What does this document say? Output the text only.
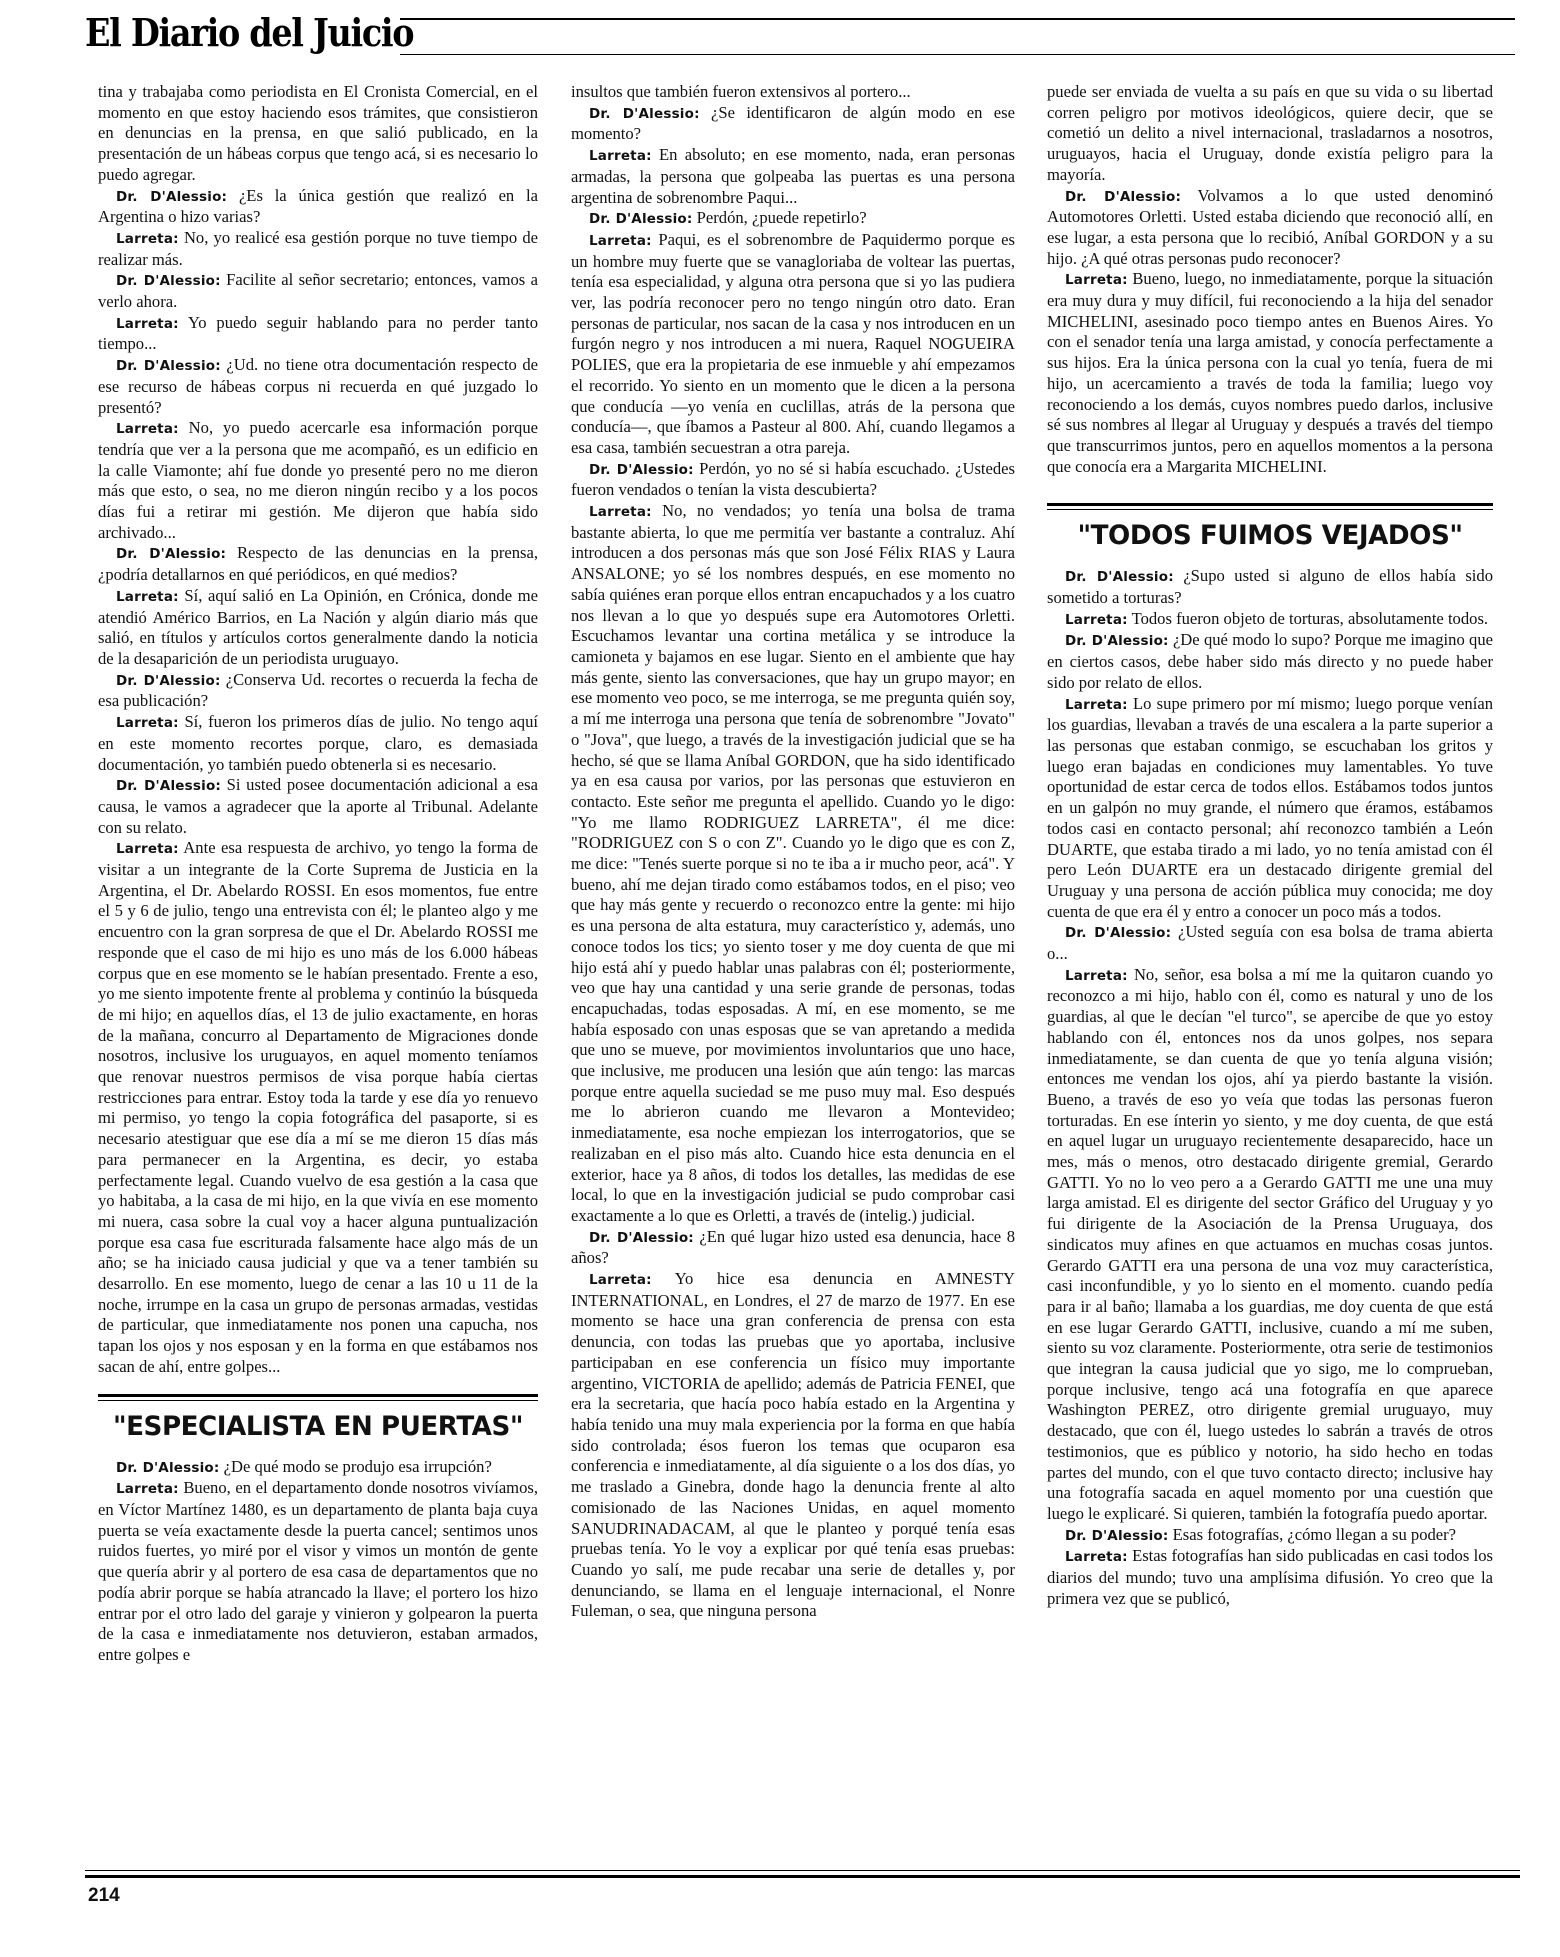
El Diario del Juicio

tina y trabajaba como periodista en El Cronista Comercial, en el momento en que estoy haciendo esos trámites, que consistieron en denuncias en la prensa, en que salió publicado, en la presentación de un hábeas corpus que tengo acá, si es necesario lo puedo agregar.

Dr. D'Alessio: ¿Es la única gestión que realizó en la Argentina o hizo varias?

Larreta: No, yo realicé esa gestión porque no tuve tiempo de realizar más.

Dr. D'Alessio: Facilite al señor secretario; entonces, vamos a verlo ahora.

Larreta: Yo puedo seguir hablando para no perder tanto tiempo...

Dr. D'Alessio: ¿Ud. no tiene otra documentación respecto de ese recurso de hábeas corpus ni recuerda en qué juzgado lo presentó?

Larreta: No, yo puedo acercarle esa información porque tendría que ver a la persona que me acompañó, es un edificio en la calle Viamonte; ahí fue donde yo presenté pero no me dieron más que esto, o sea, no me dieron ningún recibo y a los pocos días fui a retirar mi gestión. Me dijeron que había sido archivado...

Dr. D'Alessio: Respecto de las denuncias en la prensa, ¿podría detallarnos en qué periódicos, en qué medios?

Larreta: Sí, aquí salió en La Opinión, en Crónica, donde me atendió Américo Barrios, en La Nación y algún diario más que salió, en títulos y artículos cortos generalmente dando la noticia de la desaparición de un periodista uruguayo.

Dr. D'Alessio: ¿Conserva Ud. recortes o recuerda la fecha de esa publicación?

Larreta: Sí, fueron los primeros días de julio. No tengo aquí en este momento recortes porque, claro, es demasiada documentación, yo también puedo obtenerla si es necesario.

Dr. D'Alessio: Si usted posee documentación adicional a esa causa, le vamos a agradecer que la aporte al Tribunal. Adelante con su relato.

Larreta: Ante esa respuesta de archivo, yo tengo la forma de visitar a un integrante de la Corte Suprema de Justicia en la Argentina, el Dr. Abelardo ROSSI. En esos momentos, fue entre el 5 y 6 de julio, tengo una entrevista con él; le planteo algo y me encuentro con la gran sorpresa de que el Dr. Abelardo ROSSI me responde que el caso de mi hijo es uno más de los 6.000 hábeas corpus que en ese momento se le habían presentado. Frente a eso, yo me siento impotente frente al problema y continúo la búsqueda de mi hijo; en aquellos días, el 13 de julio exactamente, en horas de la mañana, concurro al Departamento de Migraciones donde nosotros, inclusive los uruguayos, en aquel momento teníamos que renovar nuestros permisos de visa porque había ciertas restricciones para entrar. Estoy toda la tarde y ese día yo renuevo mi permiso, yo tengo la copia fotográfica del pasaporte, si es necesario atestiguar que ese día a mí se me dieron 15 días más para permanecer en la Argentina, es decir, yo estaba perfectamente legal. Cuando vuelvo de esa gestión a la casa que yo habitaba, a la casa de mi hijo, en la que vivía en ese momento mi nuera, casa sobre la cual voy a hacer alguna puntualización porque esa casa fue escriturada falsamente hace algo más de un año; se ha iniciado causa judicial y que va a tener también su desarrollo. En ese momento, luego de cenar a las 10 u 11 de la noche, irrumpe en la casa un grupo de personas armadas, vestidas de particular, que inmediatamente nos ponen una capucha, nos tapan los ojos y nos esposan y en la forma en que estábamos nos sacan de ahí, entre golpes...

"ESPECIALISTA EN PUERTAS"

Dr. D'Alessio: ¿De qué modo se produjo esa irrupción?

Larreta: Bueno, en el departamento donde nosotros vivíamos, en Víctor Martínez 1480, es un departamento de planta baja cuya puerta se veía exactamente desde la puerta cancel; sentimos unos ruidos fuertes, yo miré por el visor y vimos un montón de gente que quería abrir y al portero de esa casa de departamentos que no podía abrir porque se había atrancado la llave; el portero los hizo entrar por el otro lado del garaje y vinieron y golpearon la puerta de la casa e inmediatamente nos detuvieron, estaban armados, entre golpes e

insultos que también fueron extensivos al portero...

Dr. D'Alessio: ¿Se identificaron de algún modo en ese momento?

Larreta: En absoluto; en ese momento, nada, eran personas armadas, la persona que golpeaba las puertas es una persona argentina de sobrenombre Paqui...

Dr. D'Alessio: Perdón, ¿puede repetirlo?

Larreta: Paqui, es el sobrenombre de Paquidermo porque es un hombre muy fuerte que se vanagloriaba de voltear las puertas, tenía esa especialidad, y alguna otra persona que si yo las pudiera ver, las podría reconocer pero no tengo ningún otro dato. Eran personas de particular, nos sacan de la casa y nos introducen en un furgón negro y nos introducen a mi nuera, Raquel NOGUEIRA POLIES, que era la propietaria de ese inmueble y ahí empezamos el recorrido. Yo siento en un momento que le dicen a la persona que conducía —yo venía en cuclillas, atrás de la persona que conducía—, que íbamos a Pasteur al 800. Ahí, cuando llegamos a esa casa, también secuestran a otra pareja.

Dr. D'Alessio: Perdón, yo no sé si había escuchado. ¿Ustedes fueron vendados o tenían la vista descubierta?

Larreta: No, no vendados; yo tenía una bolsa de trama bastante abierta, lo que me permitía ver bastante a contraluz. Ahí introducen a dos personas más que son José Félix RIAS y Laura ANSALONE; yo sé los nombres después, en ese momento no sabía quiénes eran porque ellos entran encapuchados y a los cuatro nos llevan a lo que yo después supe era Automotores Orletti. Escuchamos levantar una cortina metálica y se introduce la camioneta y bajamos en ese lugar. Siento en el ambiente que hay más gente, siento las conversaciones, que hay un grupo mayor; en ese momento veo poco, se me interroga, se me pregunta quién soy, a mí me interroga una persona que tenía de sobrenombre "Jovato" o "Jova", que luego, a través de la investigación judicial que se ha hecho, sé que se llama Aníbal GORDON, que ha sido identificado ya en esa causa por varios, por las personas que estuvieron en contacto. Este señor me pregunta el apellido. Cuando yo le digo: "Yo me llamo RODRIGUEZ LARRETA", él me dice: "RODRIGUEZ con S o con Z". Cuando yo le digo que es con Z, me dice: "Tenés suerte porque si no te iba a ir mucho peor, acá". Y bueno, ahí me dejan tirado como estábamos todos, en el piso; veo que hay más gente y recuerdo o reconozco entre la gente: mi hijo es una persona de alta estatura, muy característico y, además, uno conoce todos los tics; yo siento toser y me doy cuenta de que mi hijo está ahí y puedo hablar unas palabras con él; posteriormente, veo que hay una cantidad y una serie grande de personas, todas encapuchadas, todas esposadas. A mí, en ese momento, se me había esposado con unas esposas que se van apretando a medida que uno se mueve, por movimientos involuntarios que uno hace, que inclusive, me producen una lesión que aún tengo: las marcas porque entre aquella suciedad se me puso muy mal. Eso después me lo abrieron cuando me llevaron a Montevideo; inmediatamente, esa noche empiezan los interrogatorios, que se realizaban en el piso más alto. Cuando hice esta denuncia en el exterior, hace ya 8 años, di todos los detalles, las medidas de ese local, lo que en la investigación judicial se pudo comprobar casi exactamente a lo que es Orletti, a través de (intelig.) judicial.

Dr. D'Alessio: ¿En qué lugar hizo usted esa denuncia, hace 8 años?

Larreta: Yo hice esa denuncia en AMNESTY INTERNATIONAL, en Londres, el 27 de marzo de 1977. En ese momento se hace una gran conferencia de prensa con esta denuncia, con todas las pruebas que yo aportaba, inclusive participaban en ese conferencia un físico muy importante argentino, VICTORIA de apellido; además de Patricia FENEI, que era la secretaria, que hacía poco había estado en la Argentina y había tenido una muy mala experiencia por la forma en que había sido controlada; ésos fueron los temas que ocuparon esa conferencia e inmediatamente, al día siguiente o a los dos días, yo me traslado a Ginebra, donde hago la denuncia frente al alto comisionado de las Naciones Unidas, en aquel momento SANUDRINADACAM, al que le planteo y porqué tenía esas pruebas tenía. Yo le voy a explicar por qué tenía esas pruebas: Cuando yo salí, me pude recabar una serie de detalles y, por denunciando, se llama en el lenguaje internacional, el Nonre Fuleman, o sea, que ninguna persona

puede ser enviada de vuelta a su país en que su vida o su libertad corren peligro por motivos ideológicos, quiere decir, que se cometió un delito a nivel internacional, trasladarnos a nosotros, uruguayos, hacia el Uruguay, donde existía peligro para la mayoría.

Dr. D'Alessio: Volvamos a lo que usted denominó Automotores Orletti. Usted estaba diciendo que reconoció allí, en ese lugar, a esta persona que lo recibió, Aníbal GORDON y a su hijo. ¿A qué otras personas pudo reconocer?

Larreta: Bueno, luego, no inmediatamente, porque la situación era muy dura y muy difícil, fui reconociendo a la hija del senador MICHELINI, asesinado poco tiempo antes en Buenos Aires. Yo con el senador tenía una larga amistad, y conocía perfectamente a sus hijos. Era la única persona con la cual yo tenía, fuera de mi hijo, un acercamiento a través de toda la familia; luego voy reconociendo a los demás, cuyos nombres puedo darlos, inclusive sé sus nombres al llegar al Uruguay y después a través del tiempo que transcurrimos juntos, pero en aquellos momentos a la persona que conocía era a Margarita MICHELINI.

"TODOS FUIMOS VEJADOS"

Dr. D'Alessio: ¿Supo usted si alguno de ellos había sido sometido a torturas?

Larreta: Todos fueron objeto de torturas, absolutamente todos.

Dr. D'Alessio: ¿De qué modo lo supo? Porque me imagino que en ciertos casos, debe haber sido más directo y no puede haber sido por relato de ellos.

Larreta: Lo supe primero por mí mismo; luego porque venían los guardias, llevaban a través de una escalera a la parte superior a las personas que estaban conmigo, se escuchaban los gritos y luego eran bajadas en condiciones muy lamentables. Yo tuve oportunidad de estar cerca de todos ellos. Estábamos todos juntos en un galpón no muy grande, el número que éramos, estábamos todos casi en contacto personal; ahí reconozco también a León DUARTE, que estaba tirado a mi lado, yo no tenía amistad con él pero León DUARTE era un destacado dirigente gremial del Uruguay y una persona de acción pública muy conocida; me doy cuenta de que era él y entro a conocer un poco más a todos.

Dr. D'Alessio: ¿Usted seguía con esa bolsa de trama abierta o...

Larreta: No, señor, esa bolsa a mí me la quitaron cuando yo reconozco a mi hijo, hablo con él, como es natural y uno de los guardias, al que le decían "el turco", se apercibe de que yo estoy hablando con él, entonces nos da unos golpes, nos separa inmediatamente, se dan cuenta de que yo tenía alguna visión; entonces me vendan los ojos, ahí ya pierdo bastante la visión. Bueno, a través de eso yo veía que todas las personas fueron torturadas. En ese ínterin yo siento, y me doy cuenta, de que está en aquel lugar un uruguayo recientemente desaparecido, hace un mes, más o menos, otro destacado dirigente gremial, Gerardo GATTI. Yo no lo veo pero a a Gerardo GATTI me une una muy larga amistad. El es dirigente del sector Gráfico del Uruguay y yo fui dirigente de la Asociación de la Prensa Uruguaya, dos sindicatos muy afines en que actuamos en muchas cosas juntos. Gerardo GATTI era una persona de una voz muy característica, casi inconfundible, y yo lo siento en el momento. cuando pedía para ir al baño; llamaba a los guardias, me doy cuenta de que está en ese lugar Gerardo GATTI, inclusive, cuando a mí me suben, siento su voz claramente. Posteriormente, otra serie de testimonios que integran la causa judicial que yo sigo, me lo comprueban, porque inclusive, tengo acá una fotografía en que aparece Washington PEREZ, otro dirigente gremial uruguayo, muy destacado, que con él, luego ustedes lo sabrán a través de otros testimonios, que es público y notorio, ha sido hecho en todas partes del mundo, con el que tuvo contacto directo; inclusive hay una fotografía sacada en aquel momento por una cuestión que luego le explicaré. Si quieren, también la fotografía puedo aportar.

Dr. D'Alessio: Esas fotografías, ¿cómo llegan a su poder?

Larreta: Estas fotografías han sido publicadas en casi todos los diarios del mundo; tuvo una amplísima difusión. Yo creo que la primera vez que se publicó,

214
